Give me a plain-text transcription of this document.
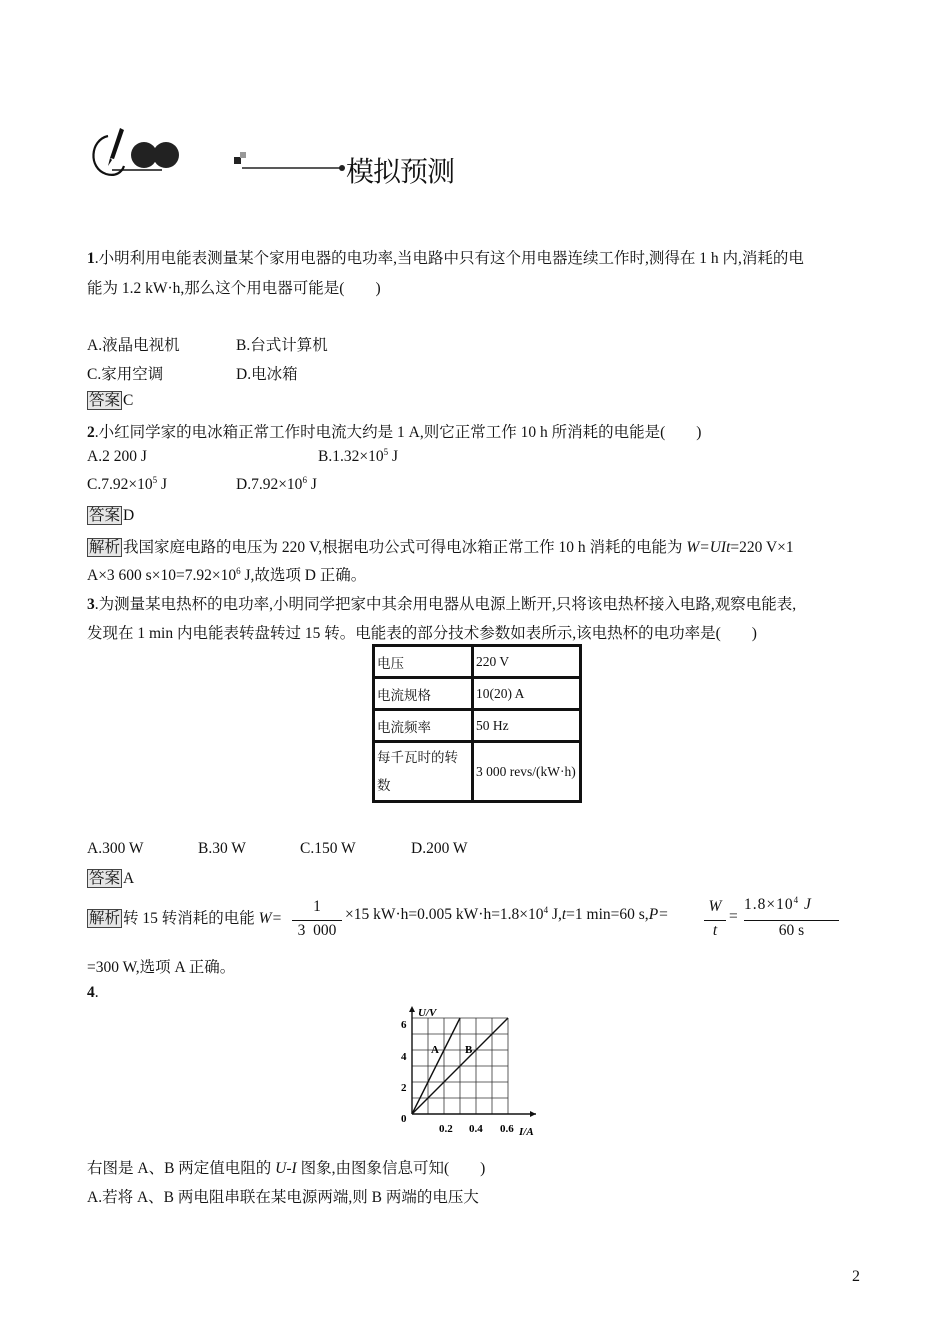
模拟预测
1.小明利用电能表测量某个家用电器的电功率,当电路中只有这个用电器连续工作时,测得在 1 h 内,消耗的电
能为 1.2 kW·h,那么这个用电器可能是(　　)
A.液晶电视机	B.台式计算机
C.家用空调	D.电冰箱
答案 C
2.小红同学家的电冰箱正常工作时电流大约是 1 A,则它正常工作 10 h 所消耗的电能是(　　)
A.2 200 J	$B.1.32\times 10^5$ J
$C.7.92\times 10^5$ J	$D.7.92\times 10^6$ J
答案 D
解析 我国家庭电路的电压为 220 V,根据电功公式可得电冰箱正常工作 10 h 消耗的电能为 W=UIt=220 V×1
A×3 600 $s\times 10=7.92\times 10^6$ J,故选项 D 正确。
3.为测量某电热杯的电功率,小明同学把家中其余用电器从电源上断开,只将该电热杯接入电路,观察电能表,
发现在 1 min 内电能表转盘转过 15 转。电能表的部分技术参数如表所示,该电热杯的电功率是(　　)
电压	220 V
电流规格	10(20) A
电流频率	50 Hz
每千瓦时的转数	3 000 revs/(kW·h)
A.300 W	B.30 W	C.150 W	D.200 W
答案 A
解析 转 15 转消耗的电能 W=
1
3  000
×15 kW·h=0.005 $kW\cdot h=1.8\times 10^4$ J,t=1 min=60 s,P=	W
t
=
$1.8\times 10^4$ J
60 s
=300 W,选项 A 正确。
4.
U/V
I/A
6
4
2
0
0.2 0.4 0.6
A B
右图是 A、B 两定值电阻的 U-I 图象,由图象信息可知(　　)
A.若将 A、B 两电阻串联在某电源两端,则 B 两端的电压大
2
